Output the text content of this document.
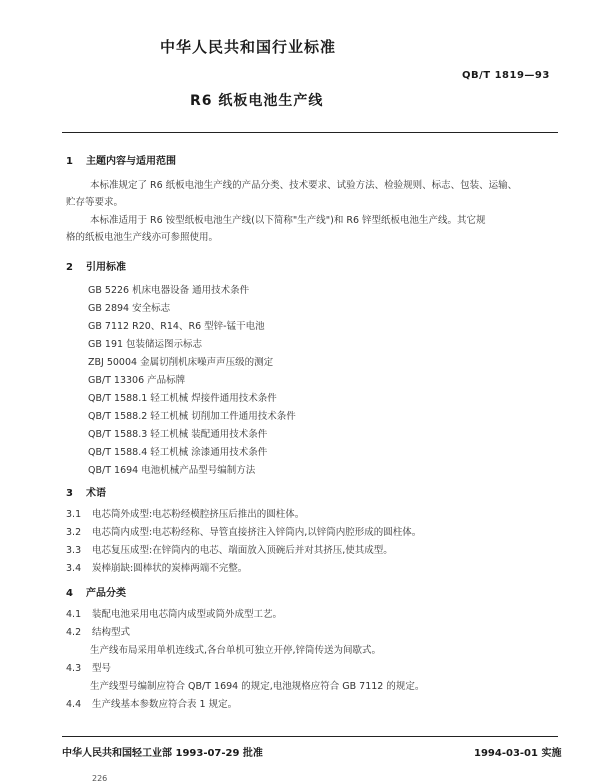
中华人民共和国行业标准
QB/T 1819—93
R6 纸板电池生产线
1 主题内容与适用范围
本标准规定了 R6 纸板电池生产线的产品分类、技术要求、试验方法、检验规则、标志、包装、运输、
贮存等要求。
本标准适用于 R6 铵型纸板电池生产线(以下简称"生产线")和 R6 锌型纸板电池生产线。其它规
格的纸板电池生产线亦可参照使用。
2 引用标准
GB 5226 机床电器设备 通用技术条件
GB 2894 安全标志
GB 7112 R20、R14、R6 型锌-锰干电池
GB 191 包装储运图示标志
ZBJ 50004 金属切削机床噪声声压级的测定
GB/T 13306 产品标牌
QB/T 1588.1 轻工机械 焊接件通用技术条件
QB/T 1588.2 轻工机械 切削加工件通用技术条件
QB/T 1588.3 轻工机械 装配通用技术条件
QB/T 1588.4 轻工机械 涂漆通用技术条件
QB/T 1694 电池机械产品型号编制方法
3 术语
3.1 电芯筒外成型:电芯粉经模腔挤压后推出的圆柱体。
3.2 电芯筒内成型:电芯粉经称、导管直接挤注入锌筒内,以锌筒内腔形成的圆柱体。
3.3 电芯复压成型:在锌筒内的电芯、端面放入顶碗后并对其挤压,使其成型。
3.4 炭棒崩缺:圆棒状的炭棒两端不完整。
4 产品分类
4.1 装配电池采用电芯筒内成型或筒外成型工艺。
4.2 结构型式
生产线布局采用单机连线式,各台单机可独立开停,锌筒传送为间歇式。
4.3 型号
生产线型号编制应符合 QB/T 1694 的规定,电池规格应符合 GB 7112 的规定。
4.4 生产线基本参数应符合表 1 规定。
中华人民共和国轻工业部 1993-07-29 批准	1994-03-01 实施
226
